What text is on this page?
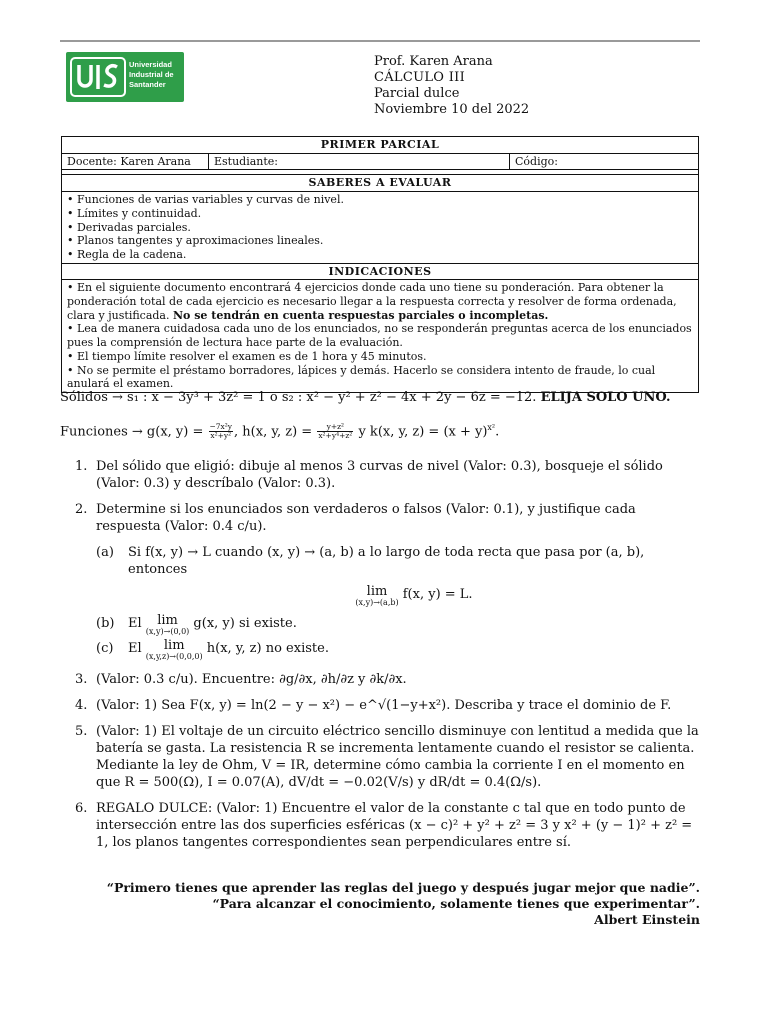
Universidad
Industrial de
Santander
Prof. Karen Arana
CÁLCULO III
Parcial dulce
Noviembre 10 del 2022
PRIMER PARCIAL
Docente: Karen Arana	Estudiante:	Código:

SABERES A EVALUAR

• Funciones de varias variables y curvas de nivel.
• Límites y continuidad.
• Derivadas parciales.
• Planos tangentes y aproximaciones lineales.
• Regla de la cadena.

INDICACIONES

• En el siguiente documento encontrará 4 ejercicios donde cada uno tiene su ponderación. Para obtener la ponderación total de cada ejercicio es necesario llegar a la respuesta correcta y resolver de forma ordenada, clara y justificada. No se tendrán en cuenta respuestas parciales o incompletas.
• Lea de manera cuidadosa cada uno de los enunciados, no se responderán preguntas acerca de los enunciados pues la comprensión de lectura hace parte de la evaluación.
• El tiempo límite resolver el examen es de 1 hora y 45 minutos.
• No se permite el préstamo borradores, lápices y demás. Hacerlo se considera intento de fraude, lo cual anulará el examen.
Sólidos → s₁ : x − 3y³ + 3z² = 1 o s₂ : x² − y² + z² − 4x + 2y − 6z = −12. ELIJA SOLO UNO.
Funciones → g(x, $y) = \frac{\text{−7x²y}}{\text{x²+y²}}$ , h(x, y, $z) = \frac{\text{y+z²}}{\text{x²+y⁴+z²}}$ y k(x, y, $z) = (x + y)^{x^2}$.
1. Del sólido que eligió: dibuje al menos 3 curvas de nivel (Valor: 0.3), bosqueje el sólido (Valor: 0.3) y descríbalo (Valor: 0.3).
2. Determine si los enunciados son verdaderos o falsos (Valor: 0.1), y justifique cada respuesta (Valor: 0.4 c/u).
(a) Si f(x, y) → L cuando (x, y) → (a, b) a lo largo de toda recta que pasa por (a, b), entonces
lim
(x,y)→(a,b)
f(x, y) = L.
(b) El lim
(x,y)→(0,0)
g(x, y) si existe.
(c) El lim
(x,y,z)→(0,0,0)
h(x, y, z) no existe.
3. (Valor: 0.3 c/u). Encuentre: ∂g/∂x, ∂h/∂z y ∂k/∂x.
4. (Valor: 1) Sea F(x, y) = ln(2 − y − x²) − e^√(1−y+x²). Describa y trace el dominio de F.
5. (Valor: 1) El voltaje de un circuito eléctrico sencillo disminuye con lentitud a medida que la batería se gasta. La resistencia R se incrementa lentamente cuando el resistor se calienta. Mediante la ley de Ohm, V = IR, determine cómo cambia la corriente I en el momento en que R = 500(Ω), I = 0.07(A), dV/dt = −0.02(V/s) y dR/dt = 0.4(Ω/s).
6. REGALO DULCE: (Valor: 1) Encuentre el valor de la constante c tal que en todo punto de intersección entre las dos superficies esféricas (x − c)² + y² + z² = 3 y x² + (y − 1)² + z² = 1, los planos tangentes correspondientes sean perpendiculares entre sí.
“Primero tienes que aprender las reglas del juego y después jugar mejor que nadie”.
“Para alcanzar el conocimiento, solamente tienes que experimentar”.
Albert Einstein
